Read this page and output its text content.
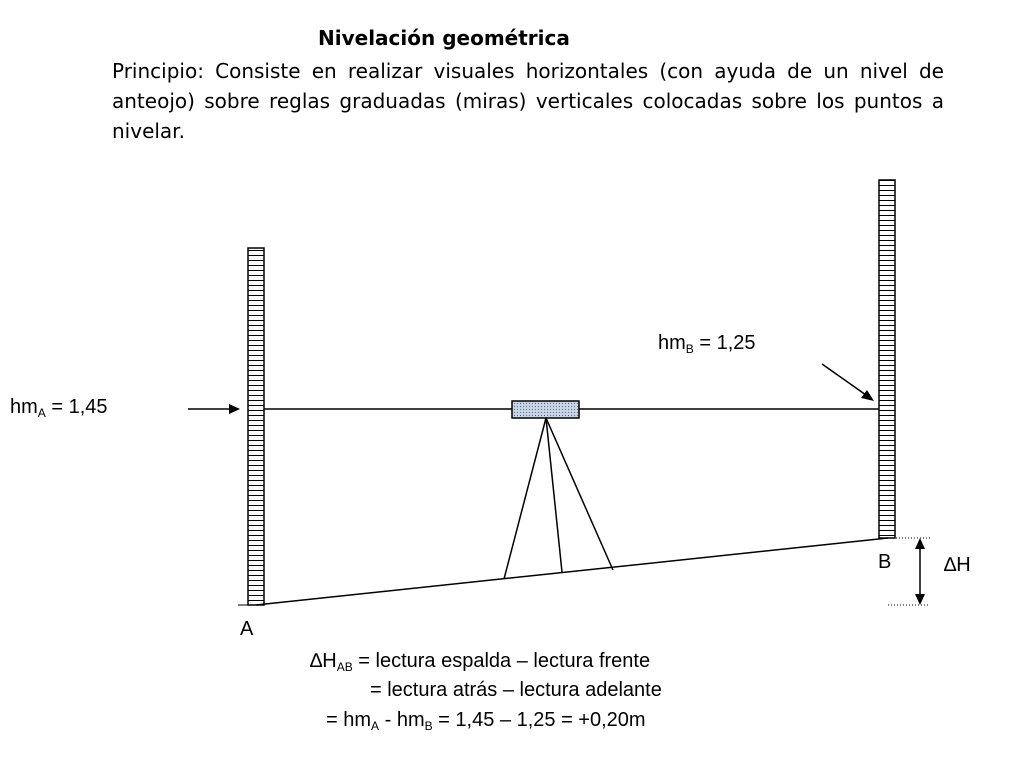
Nivelación geométrica
Principio: Consiste en realizar visuales horizontales (con ayuda de un nivel de anteojo) sobre reglas graduadas (miras) verticales colocadas sobre los puntos a nivelar.
$hm_A = 1,45$
$hm_B = 1,25$
A
B	∆H
$\Delta H_{AB}$ = lectura espalda – lectura frente
= lectura atrás – lectura adelante
= $hm_A - hm_B = 1,45 - 1,25 = +0,20m$
